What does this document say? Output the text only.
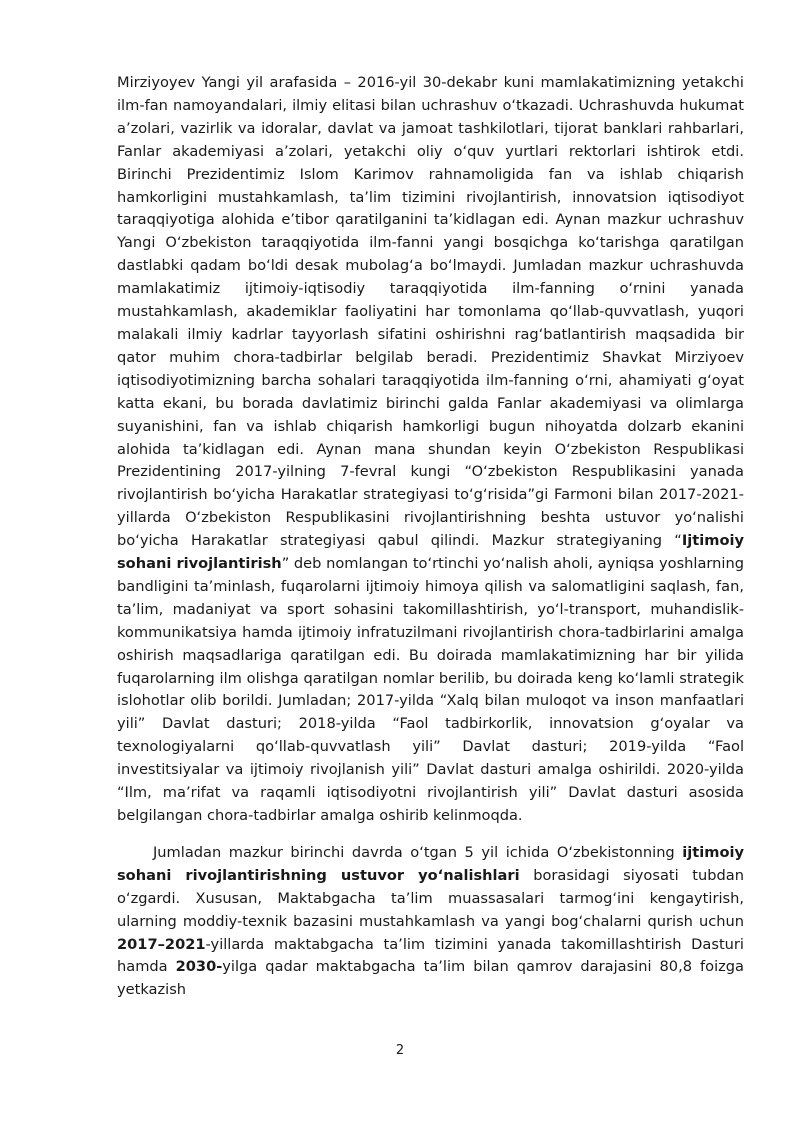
Mirziyoyev Yangi yil arafasida – 2016-yil 30-dekabr kuni mamlakatimizning yetakchi ilm-fan namoyandalari, ilmiy elitasi bilan uchrashuv o‘tkazadi. Uchrashuvda hukumat a’zolari, vazirlik va idoralar, davlat va jamoat tashkilotlari, tijorat banklari rahbarlari, Fanlar akademiyasi a’zolari, yetakchi oliy o‘quv yurtlari rektorlari ishtirok etdi. Birinchi Prezidentimiz Islom Karimov rahnamoligida fan va ishlab chiqarish hamkorligini mustahkamlash, ta’lim tizimini rivojlantirish, innovatsion iqtisodiyot taraqqiyotiga alohida e’tibor qaratilganini ta’kidlagan edi. Aynan mazkur uchrashuv Yangi O‘zbekiston taraqqiyotida ilm-fanni yangi bosqichga ko‘tarishga qaratilgan dastlabki qadam bo‘ldi desak mubolag‘a bo‘lmaydi. Jumladan mazkur uchrashuvda mamlakatimiz ijtimoiy-iqtisodiy taraqqiyotida ilm-fanning o‘rnini yanada mustahkamlash, akademiklar faoliyatini har tomonlama qo‘llab-quvvatlash, yuqori malakali ilmiy kadrlar tayyorlash sifatini oshirishni rag‘batlantirish maqsadida bir qator muhim chora-tadbirlar belgilab beradi. Prezidentimiz Shavkat Mirziyoev iqtisodiyotimizning barcha sohalari taraqqiyotida ilm-fanning o‘rni, ahamiyati g‘oyat katta ekani, bu borada davlatimiz birinchi galda Fanlar akademiyasi va olimlarga suyanishini, fan va ishlab chiqarish hamkorligi bugun nihoyatda dolzarb ekanini alohida ta’kidlagan edi. Aynan mana shundan keyin O‘zbekiston Respublikasi Prezidentining 2017-yilning 7-fevral kungi “O‘zbekiston Respublikasini yanada rivojlantirish bo‘yicha Harakatlar strategiyasi to‘g‘risida”gi Farmoni bilan 2017-2021-yillarda O‘zbekiston Respublikasini rivojlantirishning beshta ustuvor yo‘nalishi bo‘yicha Harakatlar strategiyasi qabul qilindi. Mazkur strategiyaning “Ijtimoiy sohani rivojlantirish” deb nomlangan to‘rtinchi yo‘nalish aholi, ayniqsa yoshlarning bandligini ta’minlash, fuqarolarni ijtimoiy himoya qilish va salomatligini saqlash, fan, ta’lim, madaniyat va sport sohasini takomillashtirish, yo‘l-transport, muhandislik-kommunikatsiya hamda ijtimoiy infratuzilmani rivojlantirish chora-tadbirlarini amalga oshirish maqsadlariga qaratilgan edi. Bu doirada mamlakatimizning har bir yilida fuqarolarning ilm olishga qaratilgan nomlar berilib, bu doirada keng ko‘lamli strategik islohotlar olib borildi. Jumladan; 2017-yilda “Xalq bilan muloqot va inson manfaatlari yili” Davlat dasturi; 2018-yilda “Faol tadbirkorlik, innovatsion g‘oyalar va texnologiyalarni qo‘llab-quvvatlash yili” Davlat dasturi; 2019-yilda “Faol investitsiyalar va ijtimoiy rivojlanish yili” Davlat dasturi amalga oshirildi. 2020-yilda “Ilm, ma’rifat va raqamli iqtisodiyotni rivojlantirish yili” Davlat dasturi asosida belgilangan chora-tadbirlar amalga oshirib kelinmoqda.

Jumladan mazkur birinchi davrda o‘tgan 5 yil ichida O‘zbekistonning ijtimoiy sohani rivojlantirishning ustuvor yo‘nalishlari borasidagi siyosati tubdan o‘zgardi. Xususan, Maktabgacha ta’lim muassasalari tarmog‘ini kengaytirish, ularning moddiy-texnik bazasini mustahkamlash va yangi bog‘chalarni qurish uchun 2017–2021-yillarda maktabgacha ta’lim tizimini yanada takomillashtirish Dasturi hamda 2030-yilga qadar maktabgacha ta’lim bilan qamrov darajasini 80,8 foizga yetkazish

2
